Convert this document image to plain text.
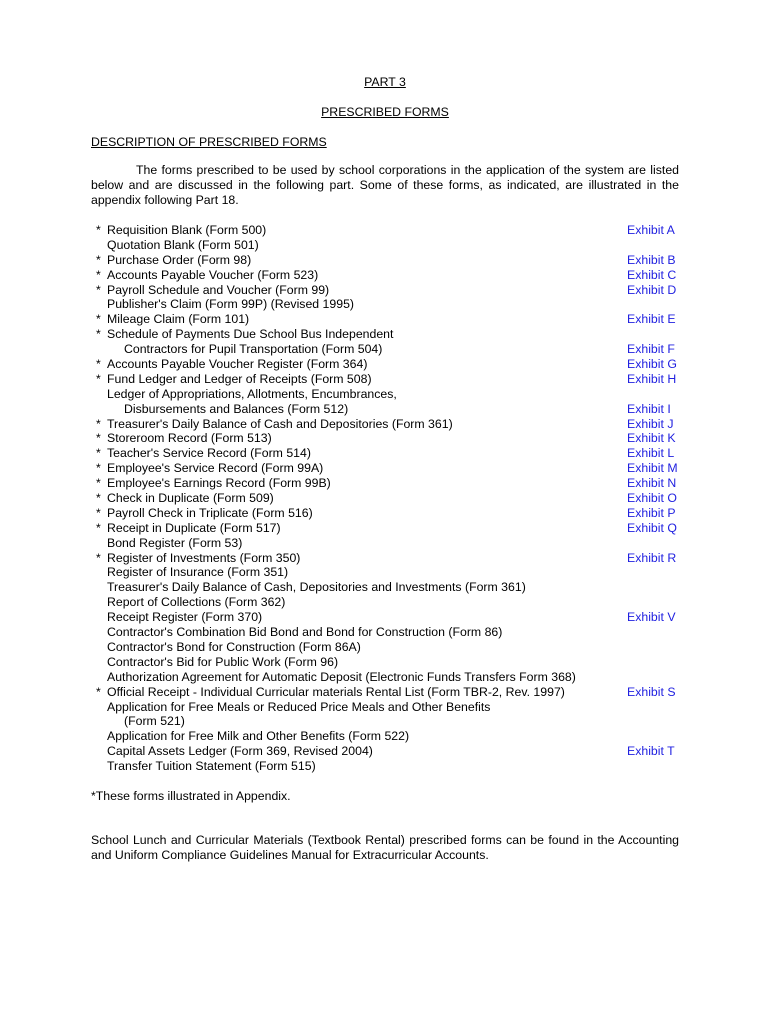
PART 3
PRESCRIBED FORMS
DESCRIPTION OF PRESCRIBED FORMS
The forms prescribed to be used by school corporations in the application of the system are listed below and are discussed in the following part. Some of these forms, as indicated, are illustrated in the appendix following Part 18.
* Requisition Blank (Form 500)	Exhibit A
Quotation Blank (Form 501)
* Purchase Order (Form 98)	Exhibit B
* Accounts Payable Voucher (Form 523)	Exhibit C
* Payroll Schedule and Voucher (Form 99)	Exhibit D
Publisher's Claim (Form 99P) (Revised 1995)
* Mileage Claim (Form 101)	Exhibit E
* Schedule of Payments Due School Bus Independent
Contractors for Pupil Transportation (Form 504)	Exhibit F
* Accounts Payable Voucher Register (Form 364)	Exhibit G
* Fund Ledger and Ledger of Receipts (Form 508)	Exhibit H
Ledger of Appropriations, Allotments, Encumbrances,
Disbursements and Balances (Form 512)	Exhibit I
* Treasurer's Daily Balance of Cash and Depositories (Form 361)	Exhibit J
* Storeroom Record (Form 513)	Exhibit K
* Teacher's Service Record (Form 514)	Exhibit L
* Employee's Service Record (Form 99A)	Exhibit M
* Employee's Earnings Record (Form 99B)	Exhibit N
* Check in Duplicate (Form 509)	Exhibit O
* Payroll Check in Triplicate (Form 516)	Exhibit P
* Receipt in Duplicate (Form 517)	Exhibit Q
Bond Register (Form 53)
* Register of Investments (Form 350)	Exhibit R
Register of Insurance (Form 351)
Treasurer's Daily Balance of Cash, Depositories and Investments (Form 361)
Report of Collections (Form 362)
Receipt Register (Form 370)	Exhibit V
Contractor's Combination Bid Bond and Bond for Construction (Form 86)
Contractor's Bond for Construction (Form 86A)
Contractor's Bid for Public Work (Form 96)
Authorization Agreement for Automatic Deposit (Electronic Funds Transfers Form 368)
* Official Receipt - Individual Curricular materials Rental List (Form TBR-2, Rev. 1997)	Exhibit S
Application for Free Meals or Reduced Price Meals and Other Benefits
(Form 521)
Application for Free Milk and Other Benefits (Form 522)
Capital Assets Ledger (Form 369, Revised 2004)	Exhibit T
Transfer Tuition Statement (Form 515)
*These forms illustrated in Appendix.
School Lunch and Curricular Materials (Textbook Rental) prescribed forms can be found in the Accounting and Uniform Compliance Guidelines Manual for Extracurricular Accounts.
